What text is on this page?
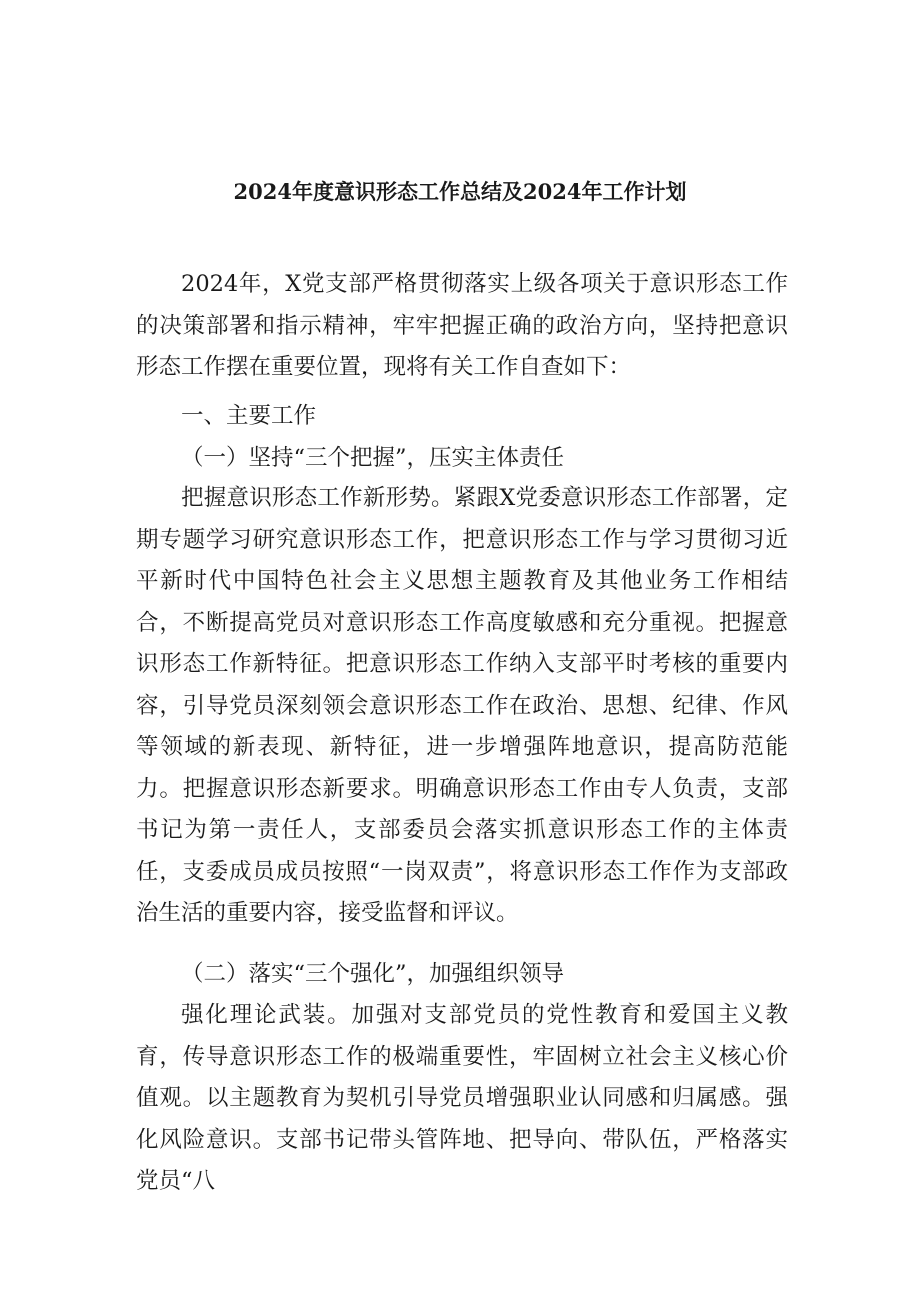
2024年度意识形态工作总结及2024年工作计划

2024年，X党支部严格贯彻落实上级各项关于意识形态工作的决策部署和指示精神，牢牢把握正确的政治方向，坚持把意识形态工作摆在重要位置，现将有关工作自查如下：

一、主要工作
（一）坚持“三个把握”，压实主体责任

把握意识形态工作新形势。紧跟X党委意识形态工作部署，定期专题学习研究意识形态工作，把意识形态工作与学习贯彻习近平新时代中国特色社会主义思想主题教育及其他业务工作相结合，不断提高党员对意识形态工作高度敏感和充分重视。把握意识形态工作新特征。把意识形态工作纳入支部平时考核的重要内容，引导党员深刻领会意识形态工作在政治、思想、纪律、作风等领域的新表现、新特征，进一步增强阵地意识，提高防范能力。把握意识形态新要求。明确意识形态工作由专人负责，支部书记为第一责任人，支部委员会落实抓意识形态工作的主体责任，支委成员成员按照“一岗双责”，将意识形态工作作为支部政治生活的重要内容，接受监督和评议。

（二）落实“三个强化”，加强组织领导

强化理论武装。加强对支部党员的党性教育和爱国主义教育，传导意识形态工作的极端重要性，牢固树立社会主义核心价值观。以主题教育为契机引导党员增强职业认同感和归属感。强化风险意识。支部书记带头管阵地、把导向、带队伍，严格落实党员“八
